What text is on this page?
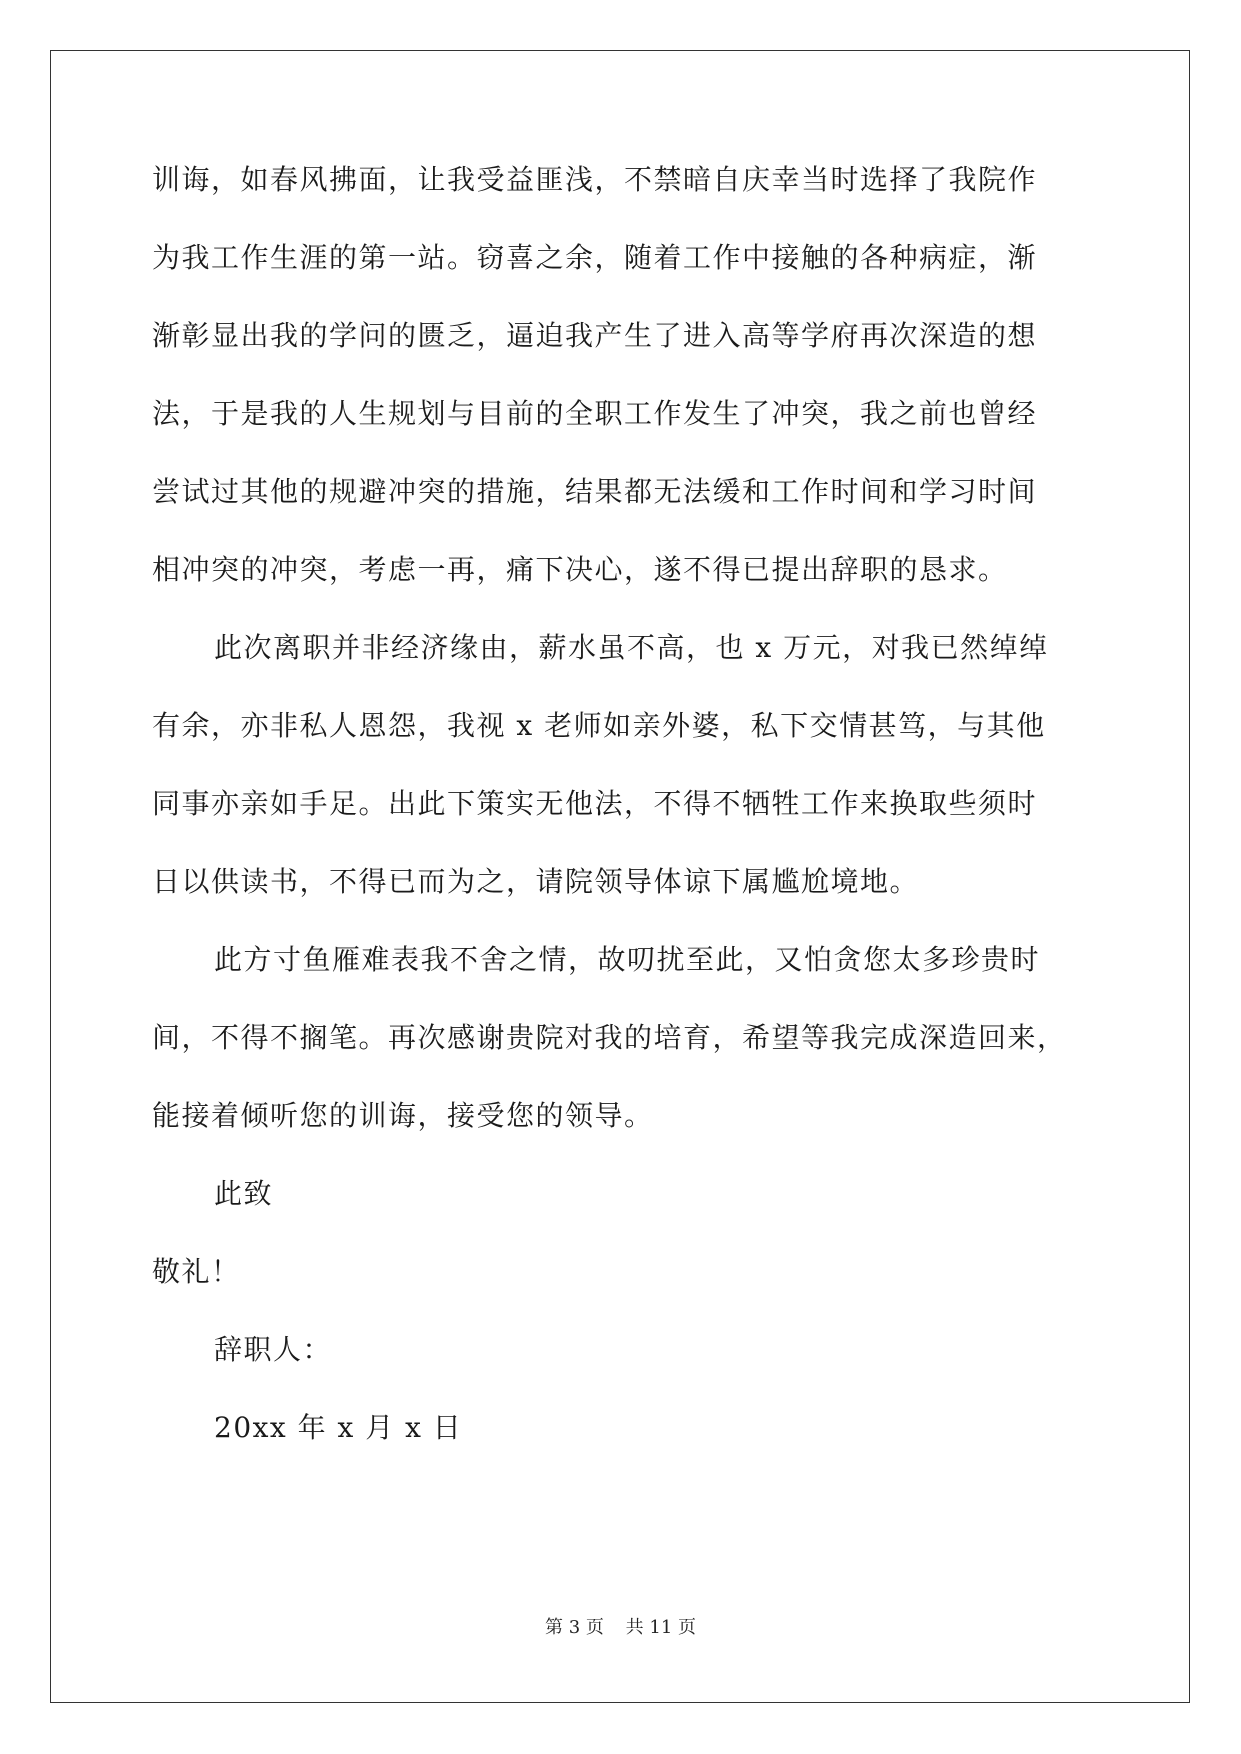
训诲，如春风拂面，让我受益匪浅，不禁暗自庆幸当时选择了我院作
为我工作生涯的第一站。窃喜之余，随着工作中接触的各种病症，渐
渐彰显出我的学问的匮乏，逼迫我产生了进入高等学府再次深造的想
法，于是我的人生规划与目前的全职工作发生了冲突，我之前也曾经
尝试过其他的规避冲突的措施，结果都无法缓和工作时间和学习时间
相冲突的冲突，考虑一再，痛下决心，遂不得已提出辞职的恳求。
此次离职并非经济缘由，薪水虽不高，也 x 万元，对我已然绰绰
有余，亦非私人恩怨，我视 x 老师如亲外婆，私下交情甚笃，与其他
同事亦亲如手足。出此下策实无他法，不得不牺牲工作来换取些须时
日以供读书，不得已而为之，请院领导体谅下属尴尬境地。
此方寸鱼雁难表我不舍之情，故叨扰至此，又怕贪您太多珍贵时
间，不得不搁笔。再次感谢贵院对我的培育，希望等我完成深造回来，
能接着倾听您的训诲，接受您的领导。
此致
敬礼！
辞职人：
20xx 年 x 月 x 日
第 3 页 共 11 页
